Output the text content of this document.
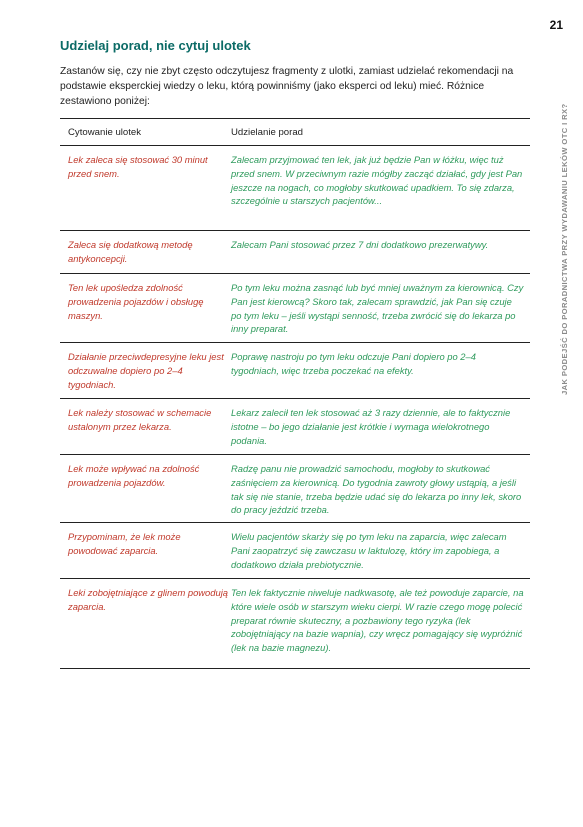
21
JAK PODEJŚĆ DO PORADNICTWA PRZY WYDAWANIU LEKÓW OTC I RX?
Udzielaj porad, nie cytuj ulotek
Zastanów się, czy nie zbyt często odczytujesz fragmenty z ulotki, zamiast udzielać rekomendacji na podstawie eksperckiej wiedzy o leku, którą powinniśmy (jako eksperci od leku) mieć. Różnice zestawiono poniżej:
Cytowanie ulotek	Udzielanie porad
Lek zaleca się stosować 30 minut przed snem.
Zalecam przyjmować ten lek, jak już będzie Pan w łóżku, więc tuż przed snem. W przeciwnym razie mógłby zacząć działać, gdy jest Pan jeszcze na nogach, co mogłoby skutkować upadkiem. To się zdarza, szczególnie u starszych pacjentów...
Zaleca się dodatkową metodę antykoncepcji.
Zalecam Pani stosować przez 7 dni dodatkowo prezerwatywy.
Ten lek upośledza zdolność prowadzenia pojazdów i obsługę maszyn.
Po tym leku można zasnąć lub być mniej uważnym za kierownicą. Czy Pan jest kierowcą? Skoro tak, zalecam sprawdzić, jak Pan się czuje po tym leku – jeśli wystąpi senność, trzeba zwrócić się do lekarza po inny preparat.
Działanie przeciwdepresyjne leku jest odczuwalne dopiero po 2–4 tygodniach.
Poprawę nastroju po tym leku odczuje Pani dopiero po 2–4 tygodniach, więc trzeba poczekać na efekty.
Lek należy stosować w schemacie ustalonym przez lekarza.
Lekarz zalecił ten lek stosować aż 3 razy dziennie, ale to faktycznie istotne – bo jego działanie jest krótkie i wymaga wielokrotnego podania.
Lek może wpływać na zdolność prowadzenia pojazdów.
Radzę panu nie prowadzić samochodu, mogłoby to skutkować zaśnięciem za kierownicą. Do tygodnia zawroty głowy ustąpią, a jeśli tak się nie stanie, trzeba będzie udać się do lekarza po inny lek, skoro do pracy jeździć trzeba.
Przypominam, że lek może powodować zaparcia.
Wielu pacjentów skarży się po tym leku na zaparcia, więc zalecam Pani zaopatrzyć się zawczasu w laktulozę, który im zapobiega, a dodatkowo działa prebiotycznie.
Leki zobojętniające z glinem powodują zaparcia.
Ten lek faktycznie niweluje nadkwasotę, ale też powoduje zaparcie, na które wiele osób w starszym wieku cierpi. W razie czego mogę polecić preparat równie skuteczny, a pozbawiony tego ryzyka (lek zobojętniający na bazie wapnia), czy wręcz pomagający się wypróżnić (lek na bazie magnezu).
